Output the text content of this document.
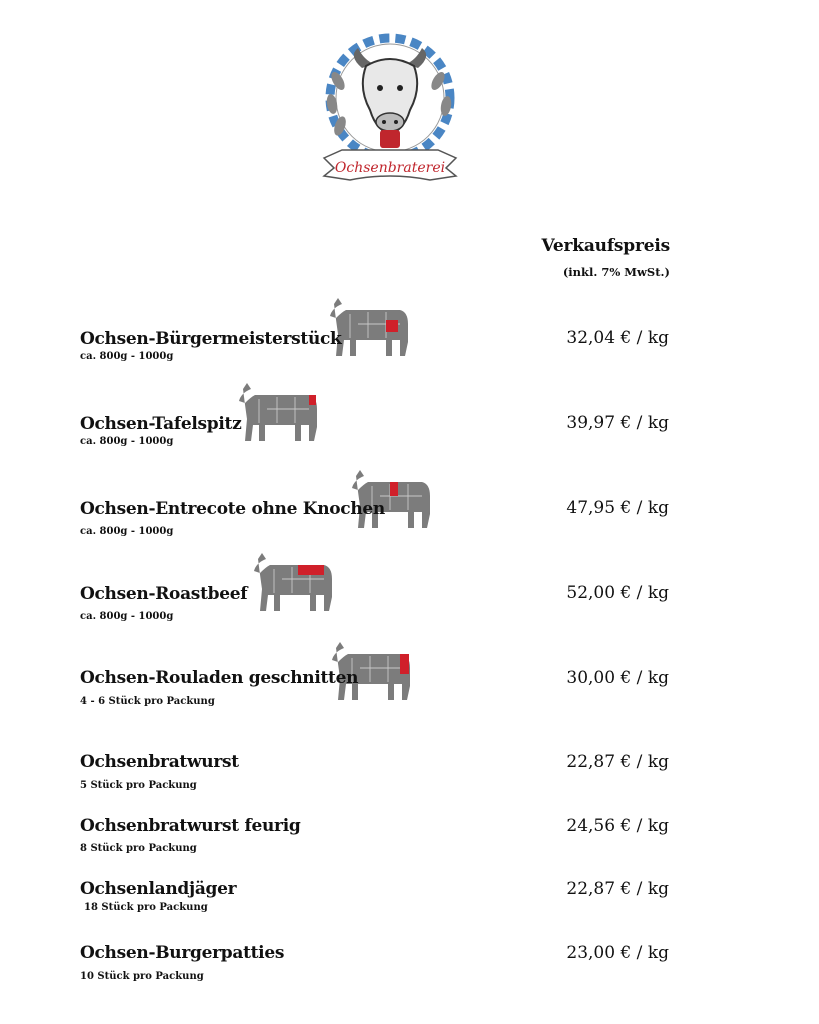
Ochsenbraterei
Verkaufspreis
(inkl. 7% MwSt.)
Ochsen-Bürgermeisterstück
ca. 800g - 1000g
32,04 € / kg
Ochsen-Tafelspitz
ca. 800g - 1000g
39,97 € / kg
Ochsen-Entrecote ohne Knochen
ca. 800g - 1000g
47,95 € / kg
Ochsen-Roastbeef
ca. 800g - 1000g
52,00 € / kg
Ochsen-Rouladen geschnitten
4 - 6 Stück pro Packung
30,00 € / kg
Ochsenbratwurst
5 Stück pro Packung
22,87 € / kg
Ochsenbratwurst feurig
8 Stück pro Packung
24,56 € / kg
Ochsenlandjäger
18 Stück pro Packung
22,87 € / kg
Ochsen-Burgerpatties
10 Stück pro Packung
23,00 € / kg
